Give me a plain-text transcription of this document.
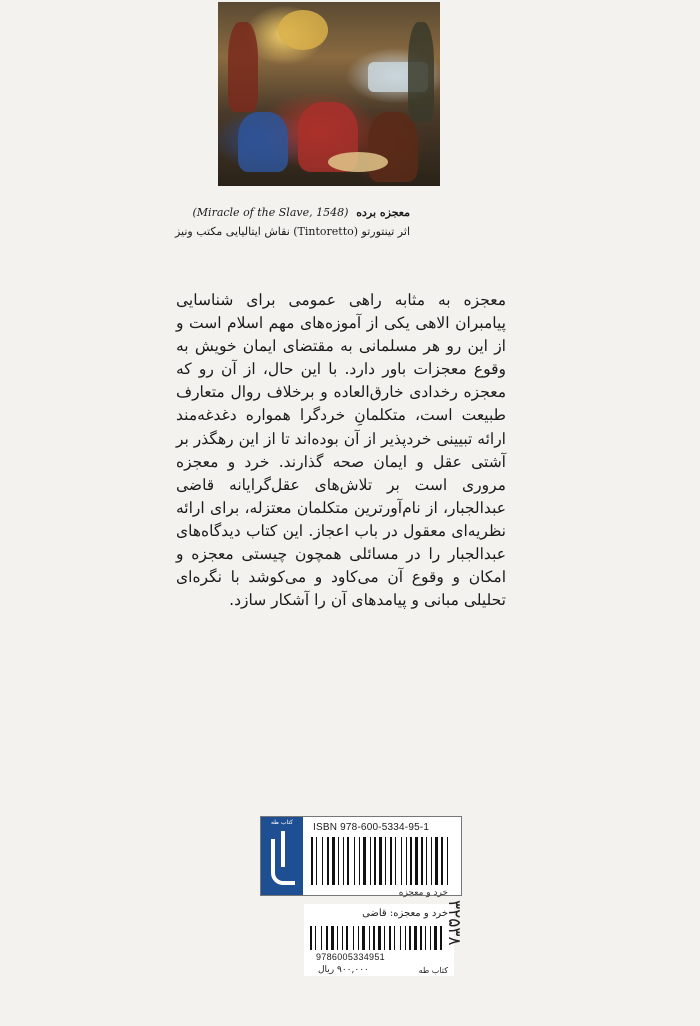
معجزه برده (Miracle of the Slave, 1548)
اثر تینتورتو (Tintoretto) نقاش ایتالیایی مکتب ونیز

معجزه به مثابه راهی عمومی برای شناسایی پیامبران الاهی یکی از آموزه‌های مهم اسلام است و از این رو هر مسلمانی به مقتضای ایمان خویش به وقوع معجزات باور دارد. با این حال، از آن رو که معجزه رخدادی خارق‌العاده و برخلاف روال متعارف طبیعت است، متکلمانِ خردگرا همواره دغدغه‌مند ارائه تبیینی خردپذیر از آن بوده‌اند تا از این رهگذر بر آشتی عقل و ایمان صحه گذارند. خرد و معجزه مروری است بر تلاش‌های عقل‌گرایانه قاضی عبدالجبار، از نام‌آورترین متکلمان معتزله، برای ارائه نظریه‌ای معقول در باب اعجاز. این کتاب دیدگاه‌های عبدالجبار را در مسائلی همچون چیستی معجزه و امکان و وقوع آن می‌کاود و می‌کوشد با نگره‌ای تحلیلی مبانی و پیامدهای آن را آشکار سازد.

کتاب طه	ISBN 978-600-5334-95-1
خرد و معجزه
خرد و معجزه: قاضی
9786005334951
۹۰۰,۰۰۰ ریال	کتاب طه
۳۲۵۳۸
